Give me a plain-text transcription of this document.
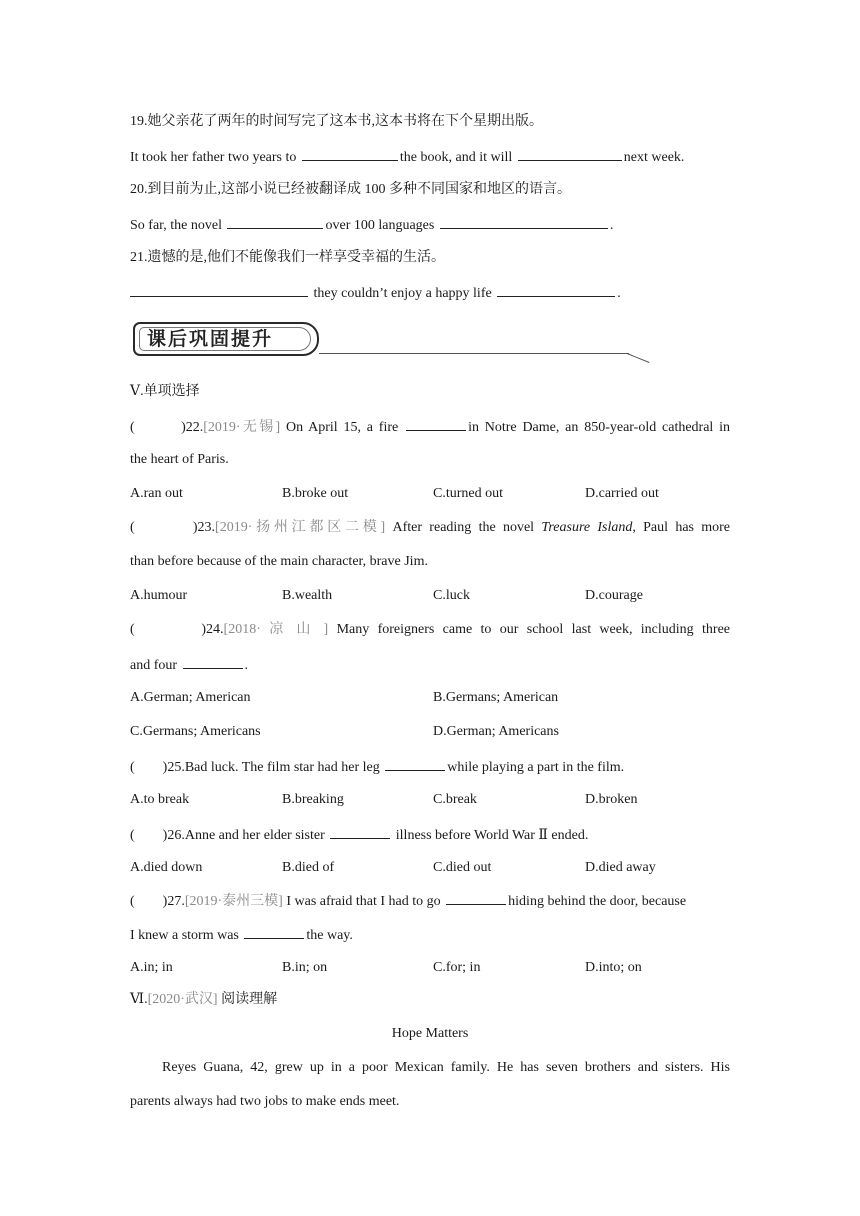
19.她父亲花了两年的时间写完了这本书,这本书将在下个星期出版。
It took her father two years to	the book, and it will	next week.
20.到目前为止,这部小说已经被翻译成 100 多种不同国家和地区的语言。
So far, the novel	over 100 languages	.
21.遗憾的是,他们不能像我们一样享受幸福的生活。
they couldn’t enjoy a happy life	.
课后巩固提升
Ⅴ.单项选择
(        )22.[2019·无锡] On April 15, a fire	in Notre Dame, an 850-year-old cathedral in
the heart of Paris.
A.ran out	B.broke out	C.turned out	D.carried out
(        )23.[2019·扬州江都区二模] After reading the novel Treasure Island, Paul has more
than before because of the main character, brave Jim.
A.humour	B.wealth	C.luck	D.courage
(        )24.[2018· 凉 山 ] Many foreigners came to our school last week, including three
and four	.
A.German; American	B.Germans; American
C.Germans; Americans	D.German; Americans
(        )25.Bad luck. The film star had her leg	while playing a part in the film.
A.to break	B.breaking	C.break	D.broken
(        )26.Anne and her elder sister	illness before World War Ⅱ ended.
A.died down	B.died of	C.died out	D.died away
(        )27.[2019·泰州三模] I was afraid that I had to go	hiding behind the door, because
I knew a storm was	the way.
A.in; in	B.in; on	C.for; in	D.into; on
Ⅵ.[2020·武汉] 阅读理解
Hope Matters
Reyes Guana, 42, grew up in a poor Mexican family. He has seven brothers and sisters. His
parents always had two jobs to make ends meet.
